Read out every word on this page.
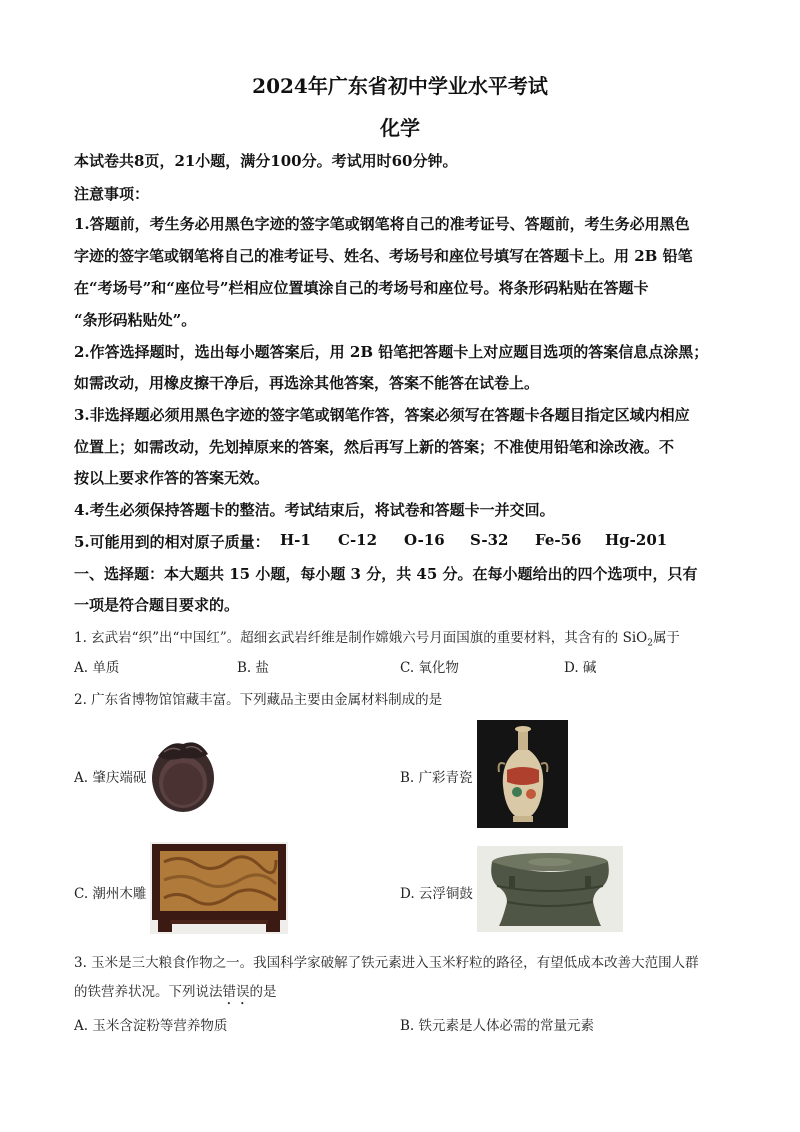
2024年广东省初中学业水平考试
化学
本试卷共8页，21小题，满分100分。考试用时60分钟。
注意事项：
1.答题前，考生务必用黑色字迹的签字笔或钢笔将自己的准考证号、答题前，考生务必用黑色
字迹的签字笔或钢笔将自己的准考证号、姓名、考场号和座位号填写在答题卡上。用 2B 铅笔
在“考场号”和“座位号”栏相应位置填涂自己的考场号和座位号。将条形码粘贴在答题卡
“条形码粘贴处”。
2.作答选择题时，选出每小题答案后，用 2B 铅笔把答题卡上对应题目选项的答案信息点涂黑；
如需改动，用橡皮擦干净后，再选涂其他答案，答案不能答在试卷上。
3.非选择题必须用黑色字迹的签字笔或钢笔作答，答案必须写在答题卡各题目指定区域内相应
位置上；如需改动，先划掉原来的答案，然后再写上新的答案；不准使用铅笔和涂改液。不
按以上要求作答的答案无效。
4.考生必须保持答题卡的整洁。考试结束后，将试卷和答题卡一并交回。
5.可能用到的相对原子质量： H-1 C-12 O-16 S-32 Fe-56 Hg-201
一、选择题：本大题共 15 小题，每小题 3 分，共 45 分。在每小题给出的四个选项中，只有
一项是符合题目要求的。
1. 玄武岩“织”出“中国红”。超细玄武岩纤维是制作嫦娥六号月面国旗的重要材料，其含有的 SiO$_2$属于
A. 单质	B. 盐	C. 氧化物	D. 碱
2. 广东省博物馆馆藏丰富。下列藏品主要由金属材料制成的是
A. 肇庆端砚	B. 广彩青瓷
C. 潮州木雕	D. 云浮铜鼓
3. 玉米是三大粮食作物之一。我国科学家破解了铁元素进入玉米籽粒的路径，有望低成本改善大范围人群
的铁营养状况。下列说法错误的是
A. 玉米含淀粉等营养物质	B. 铁元素是人体必需的常量元素
